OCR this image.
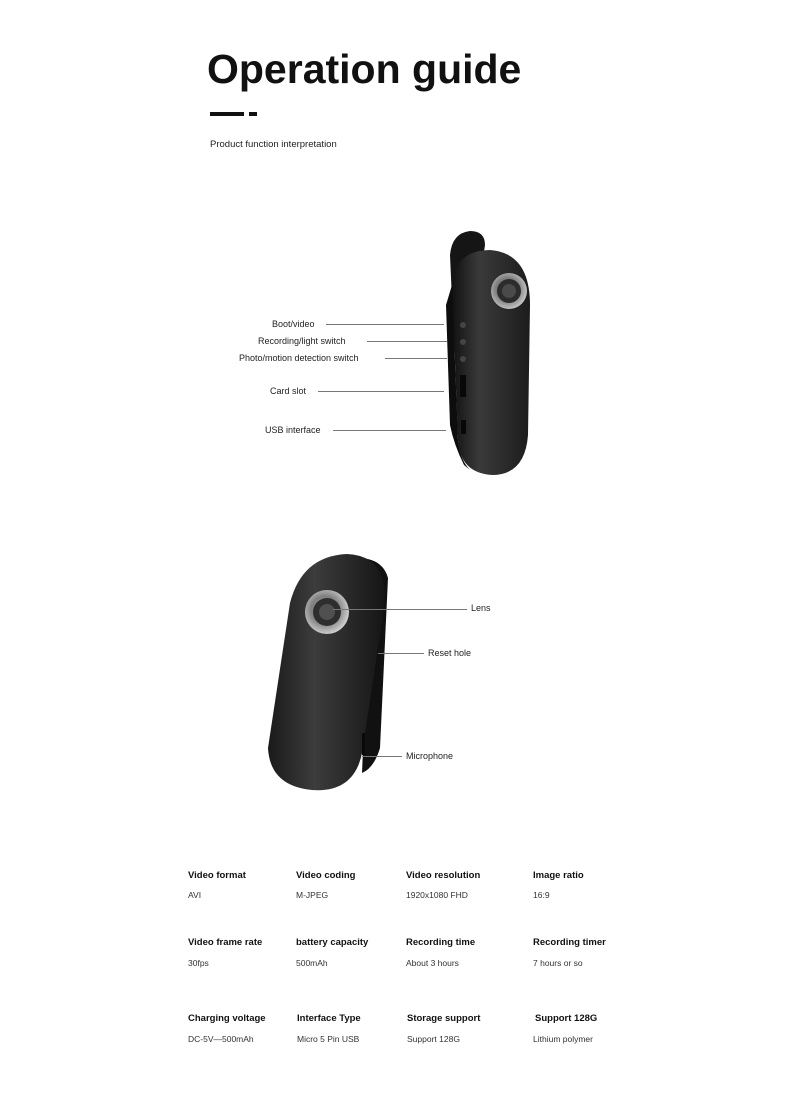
Operation guide
Product function interpretation
Boot/video
Recording/light switch
Photo/motion detection switch
Card slot
USB interface
Lens
Reset hole
Microphone
Video format
AVI
Video coding
M-JPEG
Video resolution
1920x1080 FHD
Image ratio
16:9
Video frame rate
30fps
battery capacity
500mAh
Recording time
About 3 hours
Recording timer
7 hours or so
Charging voltage
DC-5V—500mAh
Interface Type
Micro 5 Pin USB
Storage support
Support 128G
Support 128G
Lithium polymer
